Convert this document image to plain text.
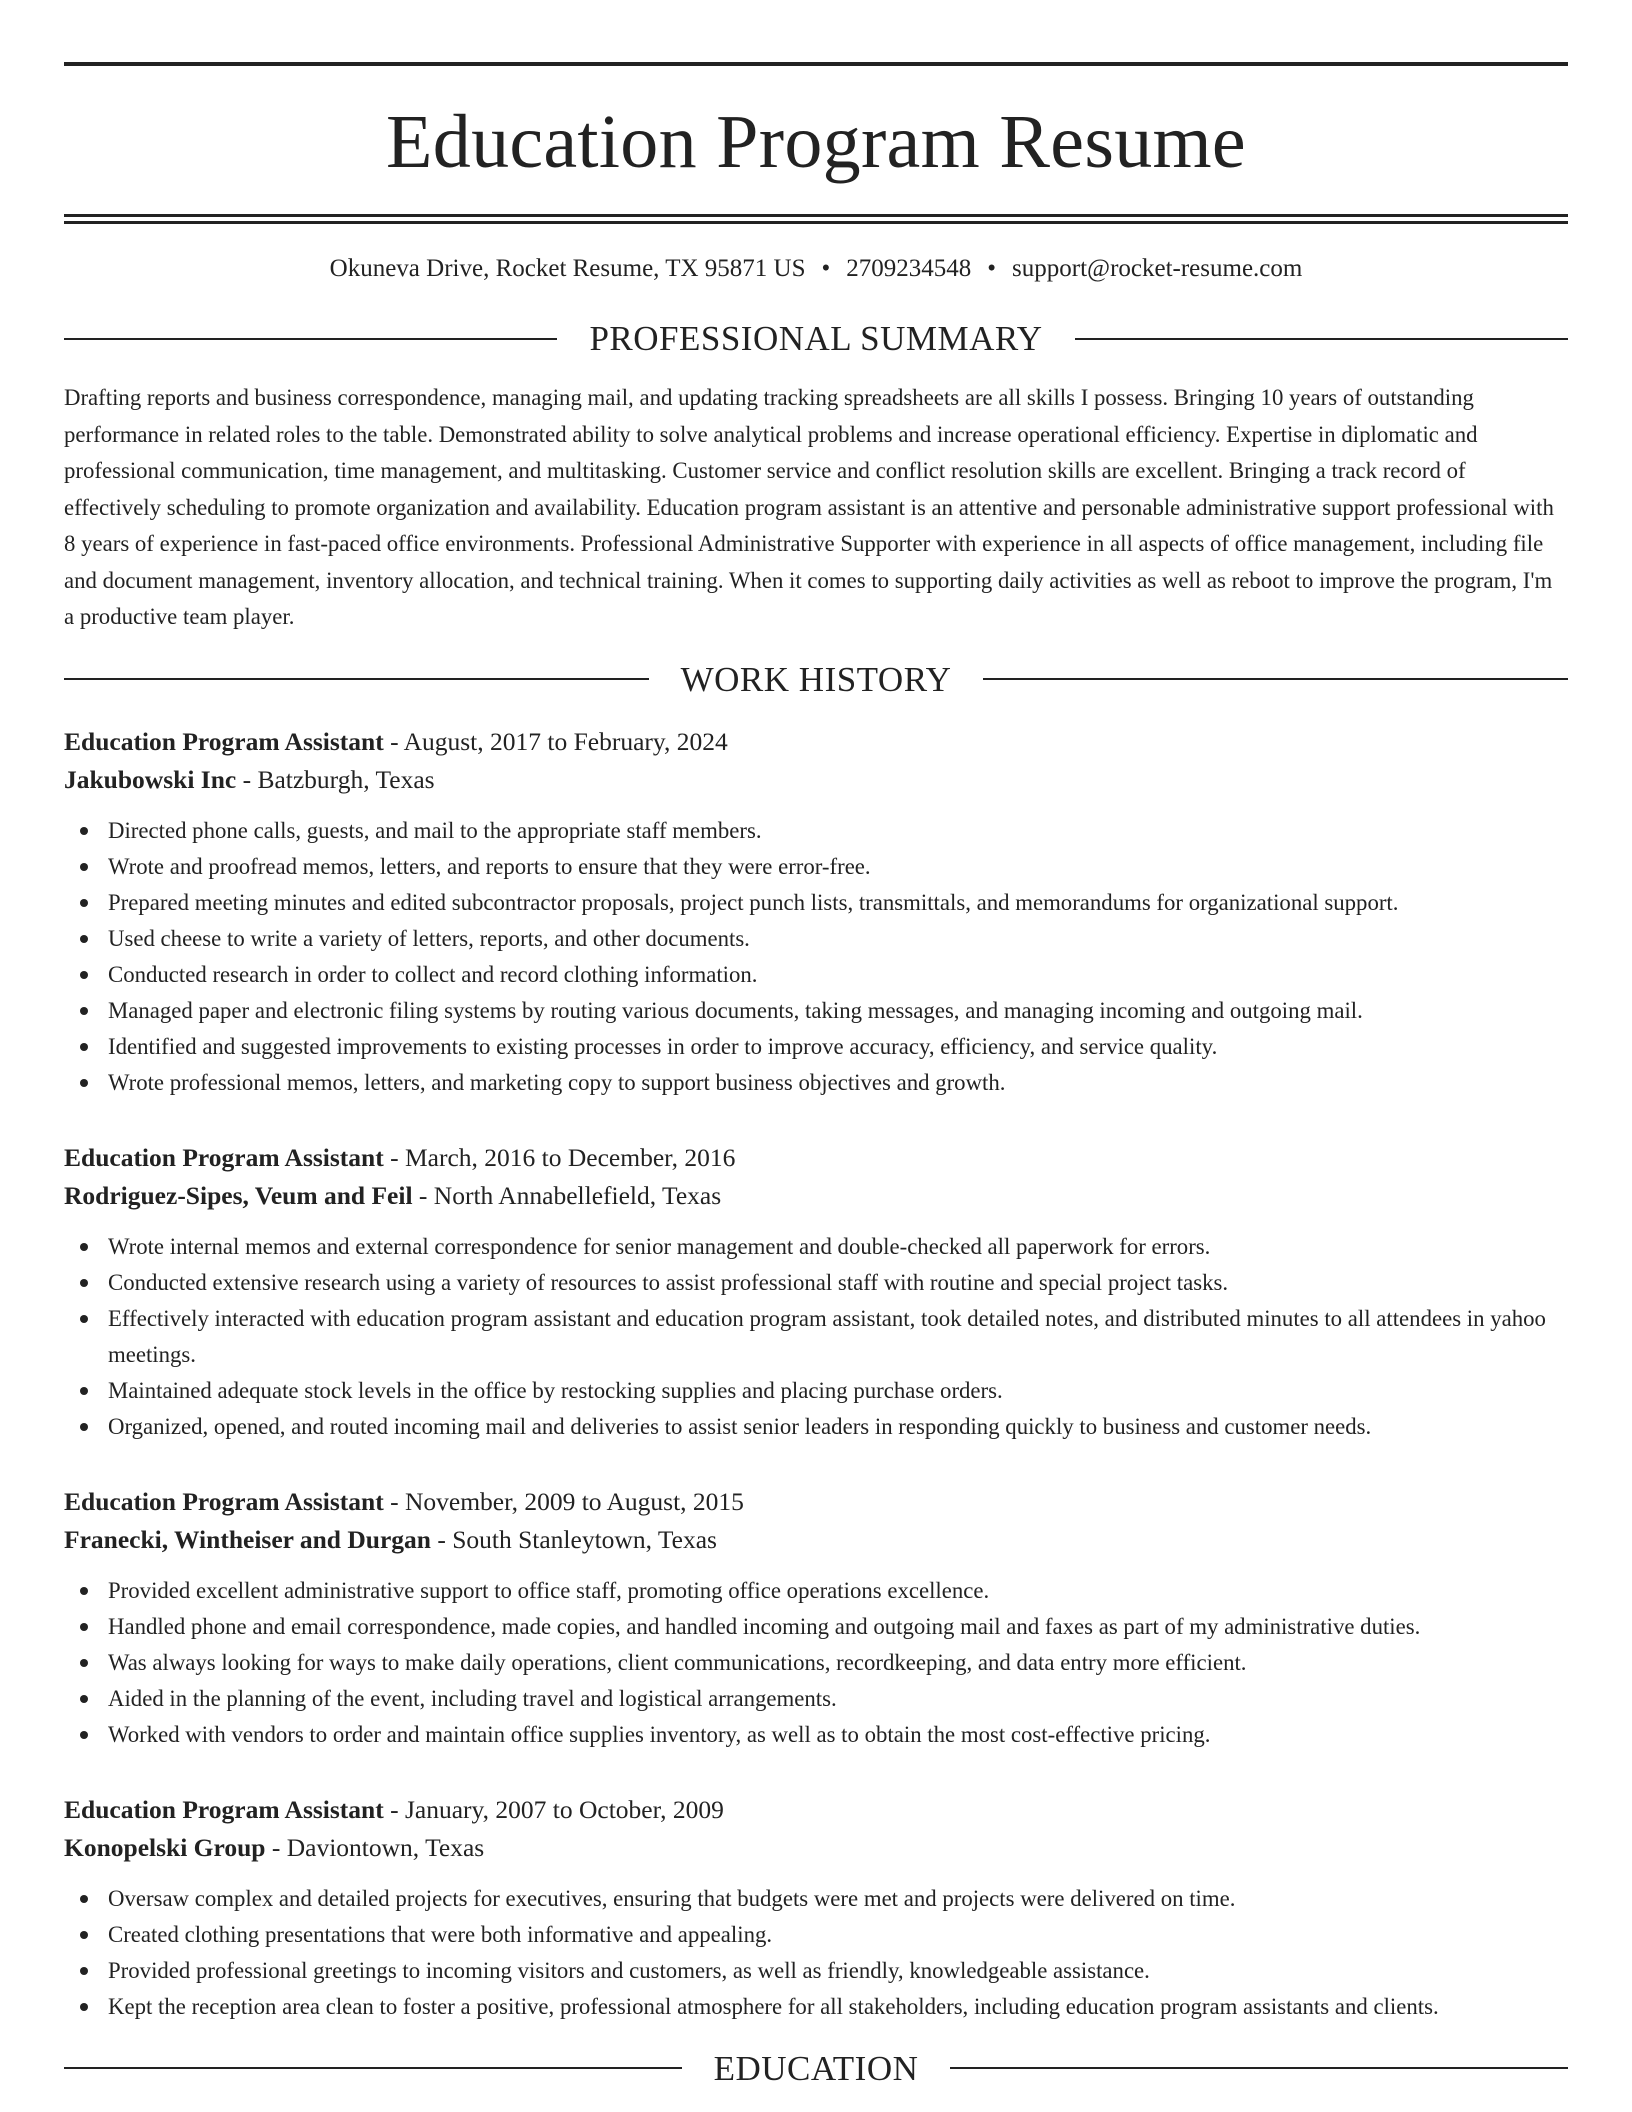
Education Program Resume
Okuneva Drive, Rocket Resume, TX 95871 US • 2709234548 • support@rocket-resume.com
PROFESSIONAL SUMMARY

Drafting reports and business correspondence, managing mail, and updating tracking spreadsheets are all skills I possess. Bringing 10 years of outstanding performance in related roles to the table. Demonstrated ability to solve analytical problems and increase operational efficiency. Expertise in diplomatic and professional communication, time management, and multitasking. Customer service and conflict resolution skills are excellent. Bringing a track record of effectively scheduling to promote organization and availability. Education program assistant is an attentive and personable administrative support professional with 8 years of experience in fast-paced office environments. Professional Administrative Supporter with experience in all aspects of office management, including file and document management, inventory allocation, and technical training. When it comes to supporting daily activities as well as reboot to improve the program, I'm a productive team player.

WORK HISTORY
Education Program Assistant - August, 2017 to February, 2024
Jakubowski Inc - Batzburgh, Texas
Directed phone calls, guests, and mail to the appropriate staff members.
Wrote and proofread memos, letters, and reports to ensure that they were error-free.
Prepared meeting minutes and edited subcontractor proposals, project punch lists, transmittals, and memorandums for organizational support.
Used cheese to write a variety of letters, reports, and other documents.
Conducted research in order to collect and record clothing information.
Managed paper and electronic filing systems by routing various documents, taking messages, and managing incoming and outgoing mail.
Identified and suggested improvements to existing processes in order to improve accuracy, efficiency, and service quality.
Wrote professional memos, letters, and marketing copy to support business objectives and growth.
Education Program Assistant - March, 2016 to December, 2016
Rodriguez-Sipes, Veum and Feil - North Annabellefield, Texas
Wrote internal memos and external correspondence for senior management and double-checked all paperwork for errors.
Conducted extensive research using a variety of resources to assist professional staff with routine and special project tasks.
Effectively interacted with education program assistant and education program assistant, took detailed notes, and distributed minutes to all attendees in yahoo meetings.
Maintained adequate stock levels in the office by restocking supplies and placing purchase orders.
Organized, opened, and routed incoming mail and deliveries to assist senior leaders in responding quickly to business and customer needs.
Education Program Assistant - November, 2009 to August, 2015
Franecki, Wintheiser and Durgan - South Stanleytown, Texas
Provided excellent administrative support to office staff, promoting office operations excellence.
Handled phone and email correspondence, made copies, and handled incoming and outgoing mail and faxes as part of my administrative duties.
Was always looking for ways to make daily operations, client communications, recordkeeping, and data entry more efficient.
Aided in the planning of the event, including travel and logistical arrangements.
Worked with vendors to order and maintain office supplies inventory, as well as to obtain the most cost-effective pricing.
Education Program Assistant - January, 2007 to October, 2009
Konopelski Group - Daviontown, Texas
Oversaw complex and detailed projects for executives, ensuring that budgets were met and projects were delivered on time.
Created clothing presentations that were both informative and appealing.
Provided professional greetings to incoming visitors and customers, as well as friendly, knowledgeable assistance.
Kept the reception area clean to foster a positive, professional atmosphere for all stakeholders, including education program assistants and clients.
EDUCATION
